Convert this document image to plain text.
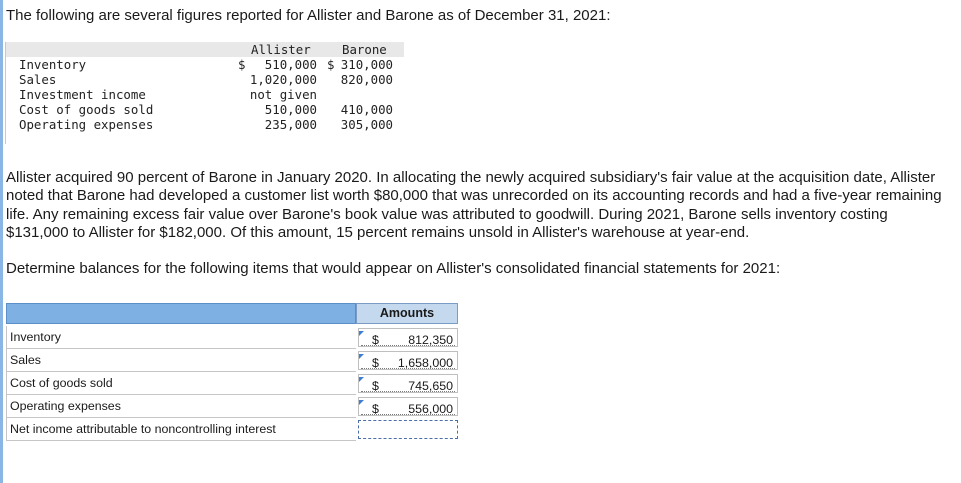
The following are several figures reported for Allister and Barone as of December 31, 2021:
Allister	Barone
Inventory	$ 510,000 $ 310,000
Sales	1,020,000 820,000
Investment income	not given
Cost of goods sold	510,000 410,000
Operating expenses	235,000 305,000
Allister acquired 90 percent of Barone in January 2020. In allocating the newly acquired subsidiary's fair value at the acquisition date, Allister noted that Barone had developed a customer list worth $80,000 that was unrecorded on its accounting records and had a five-year remaining life. Any remaining excess fair value over Barone's book value was attributed to goodwill. During 2021, Barone sells inventory costing $131,000 to Allister for $182,000. Of this amount, 15 percent remains unsold in Allister's warehouse at year-end.
Determine balances for the following items that would appear on Allister's consolidated financial statements for 2021:
Amounts
Inventory	$ 812,350
Sales	$ 1,658,000
Cost of goods sold	$ 745,650
Operating expenses	$ 556,000
Net income attributable to noncontrolling interest
